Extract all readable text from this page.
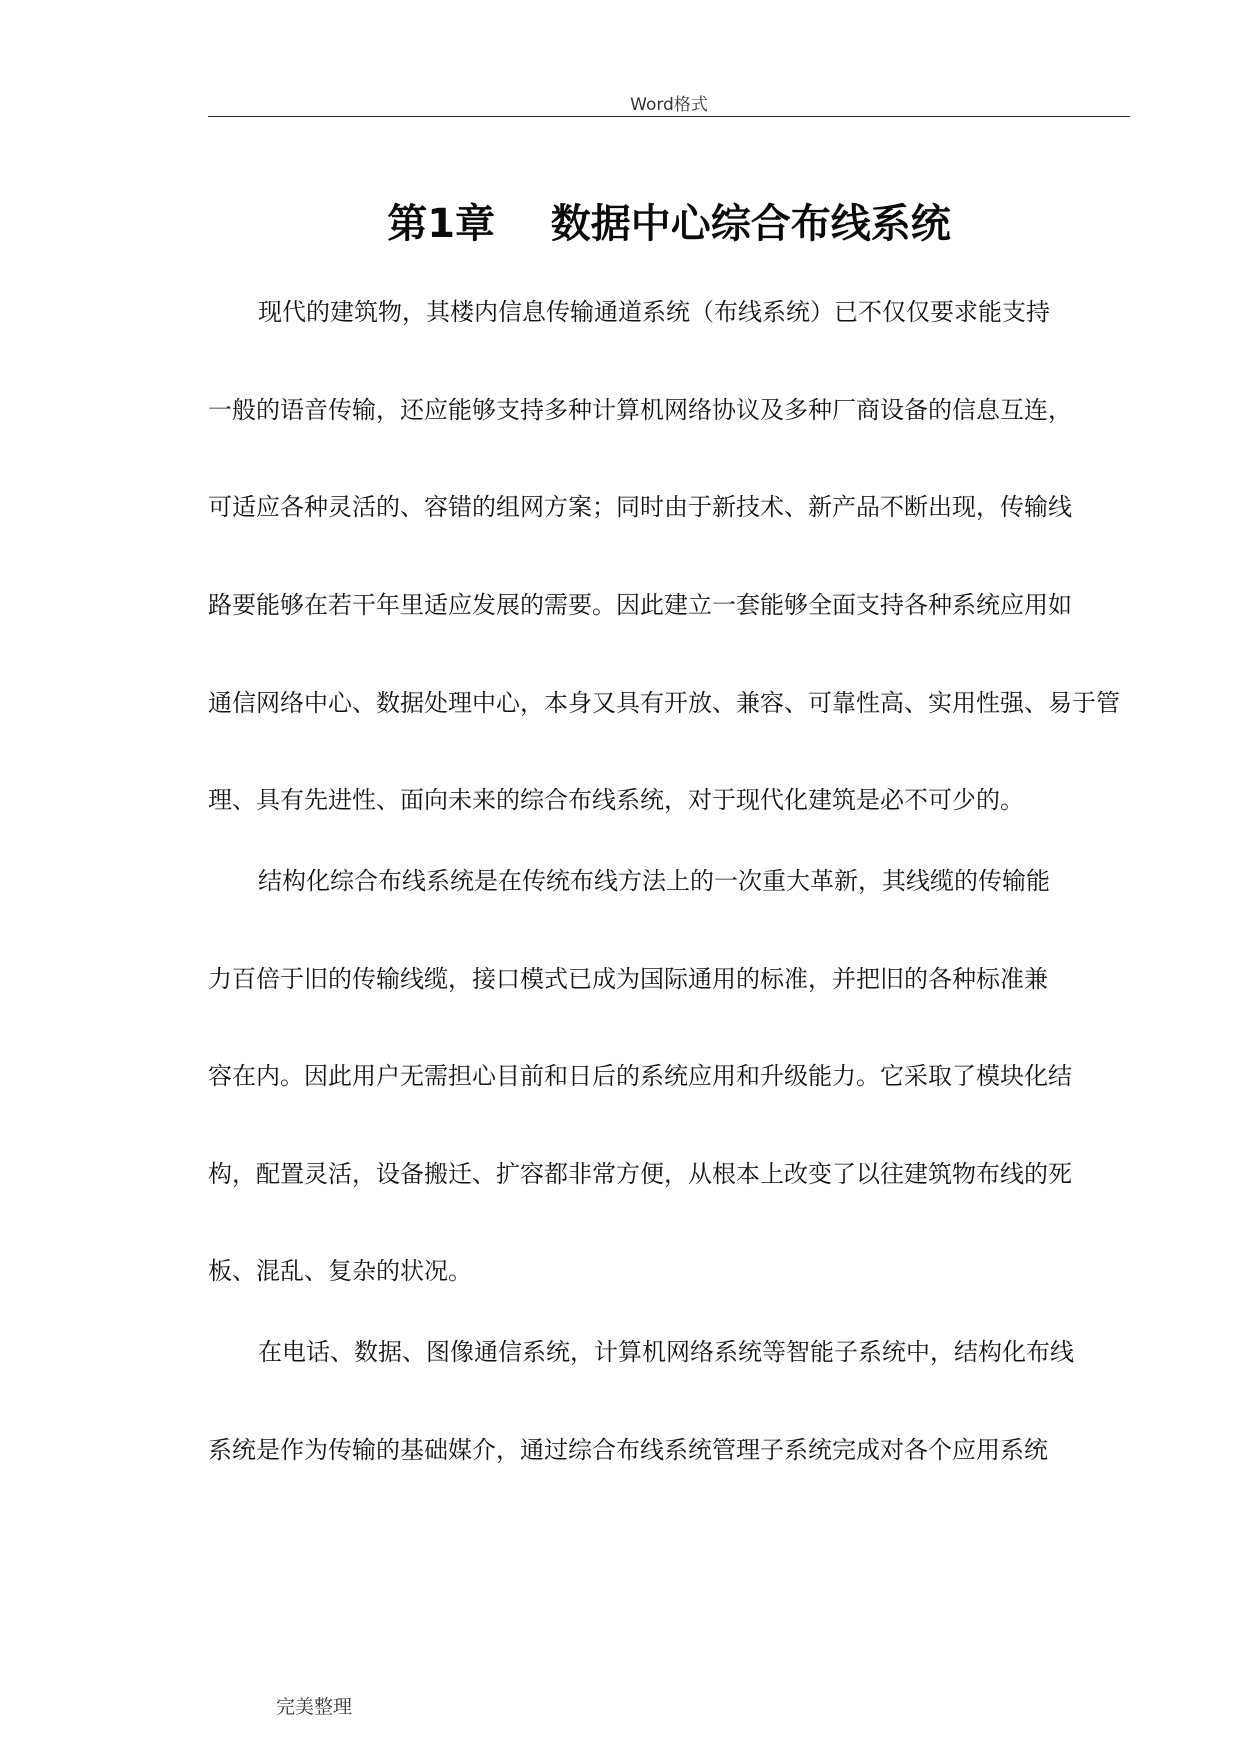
Word格式
第1章    数据中心综合布线系统
现代的建筑物，其楼内信息传输通道系统（布线系统）已不仅仅要求能支持
一般的语音传输，还应能够支持多种计算机网络协议及多种厂商设备的信息互连，
可适应各种灵活的、容错的组网方案；同时由于新技术、新产品不断出现，传输线
路要能够在若干年里适应发展的需要。因此建立一套能够全面支持各种系统应用如
通信网络中心、数据处理中心，本身又具有开放、兼容、可靠性高、实用性强、易于管
理、具有先进性、面向未来的综合布线系统，对于现代化建筑是必不可少的。
结构化综合布线系统是在传统布线方法上的一次重大革新，其线缆的传输能
力百倍于旧的传输线缆，接口模式已成为国际通用的标准，并把旧的各种标准兼
容在内。因此用户无需担心目前和日后的系统应用和升级能力。它采取了模块化结
构，配置灵活，设备搬迁、扩容都非常方便，从根本上改变了以往建筑物布线的死
板、混乱、复杂的状况。
在电话、数据、图像通信系统，计算机网络系统等智能子系统中，结构化布线
系统是作为传输的基础媒介，通过综合布线系统管理子系统完成对各个应用系统
完美整理
